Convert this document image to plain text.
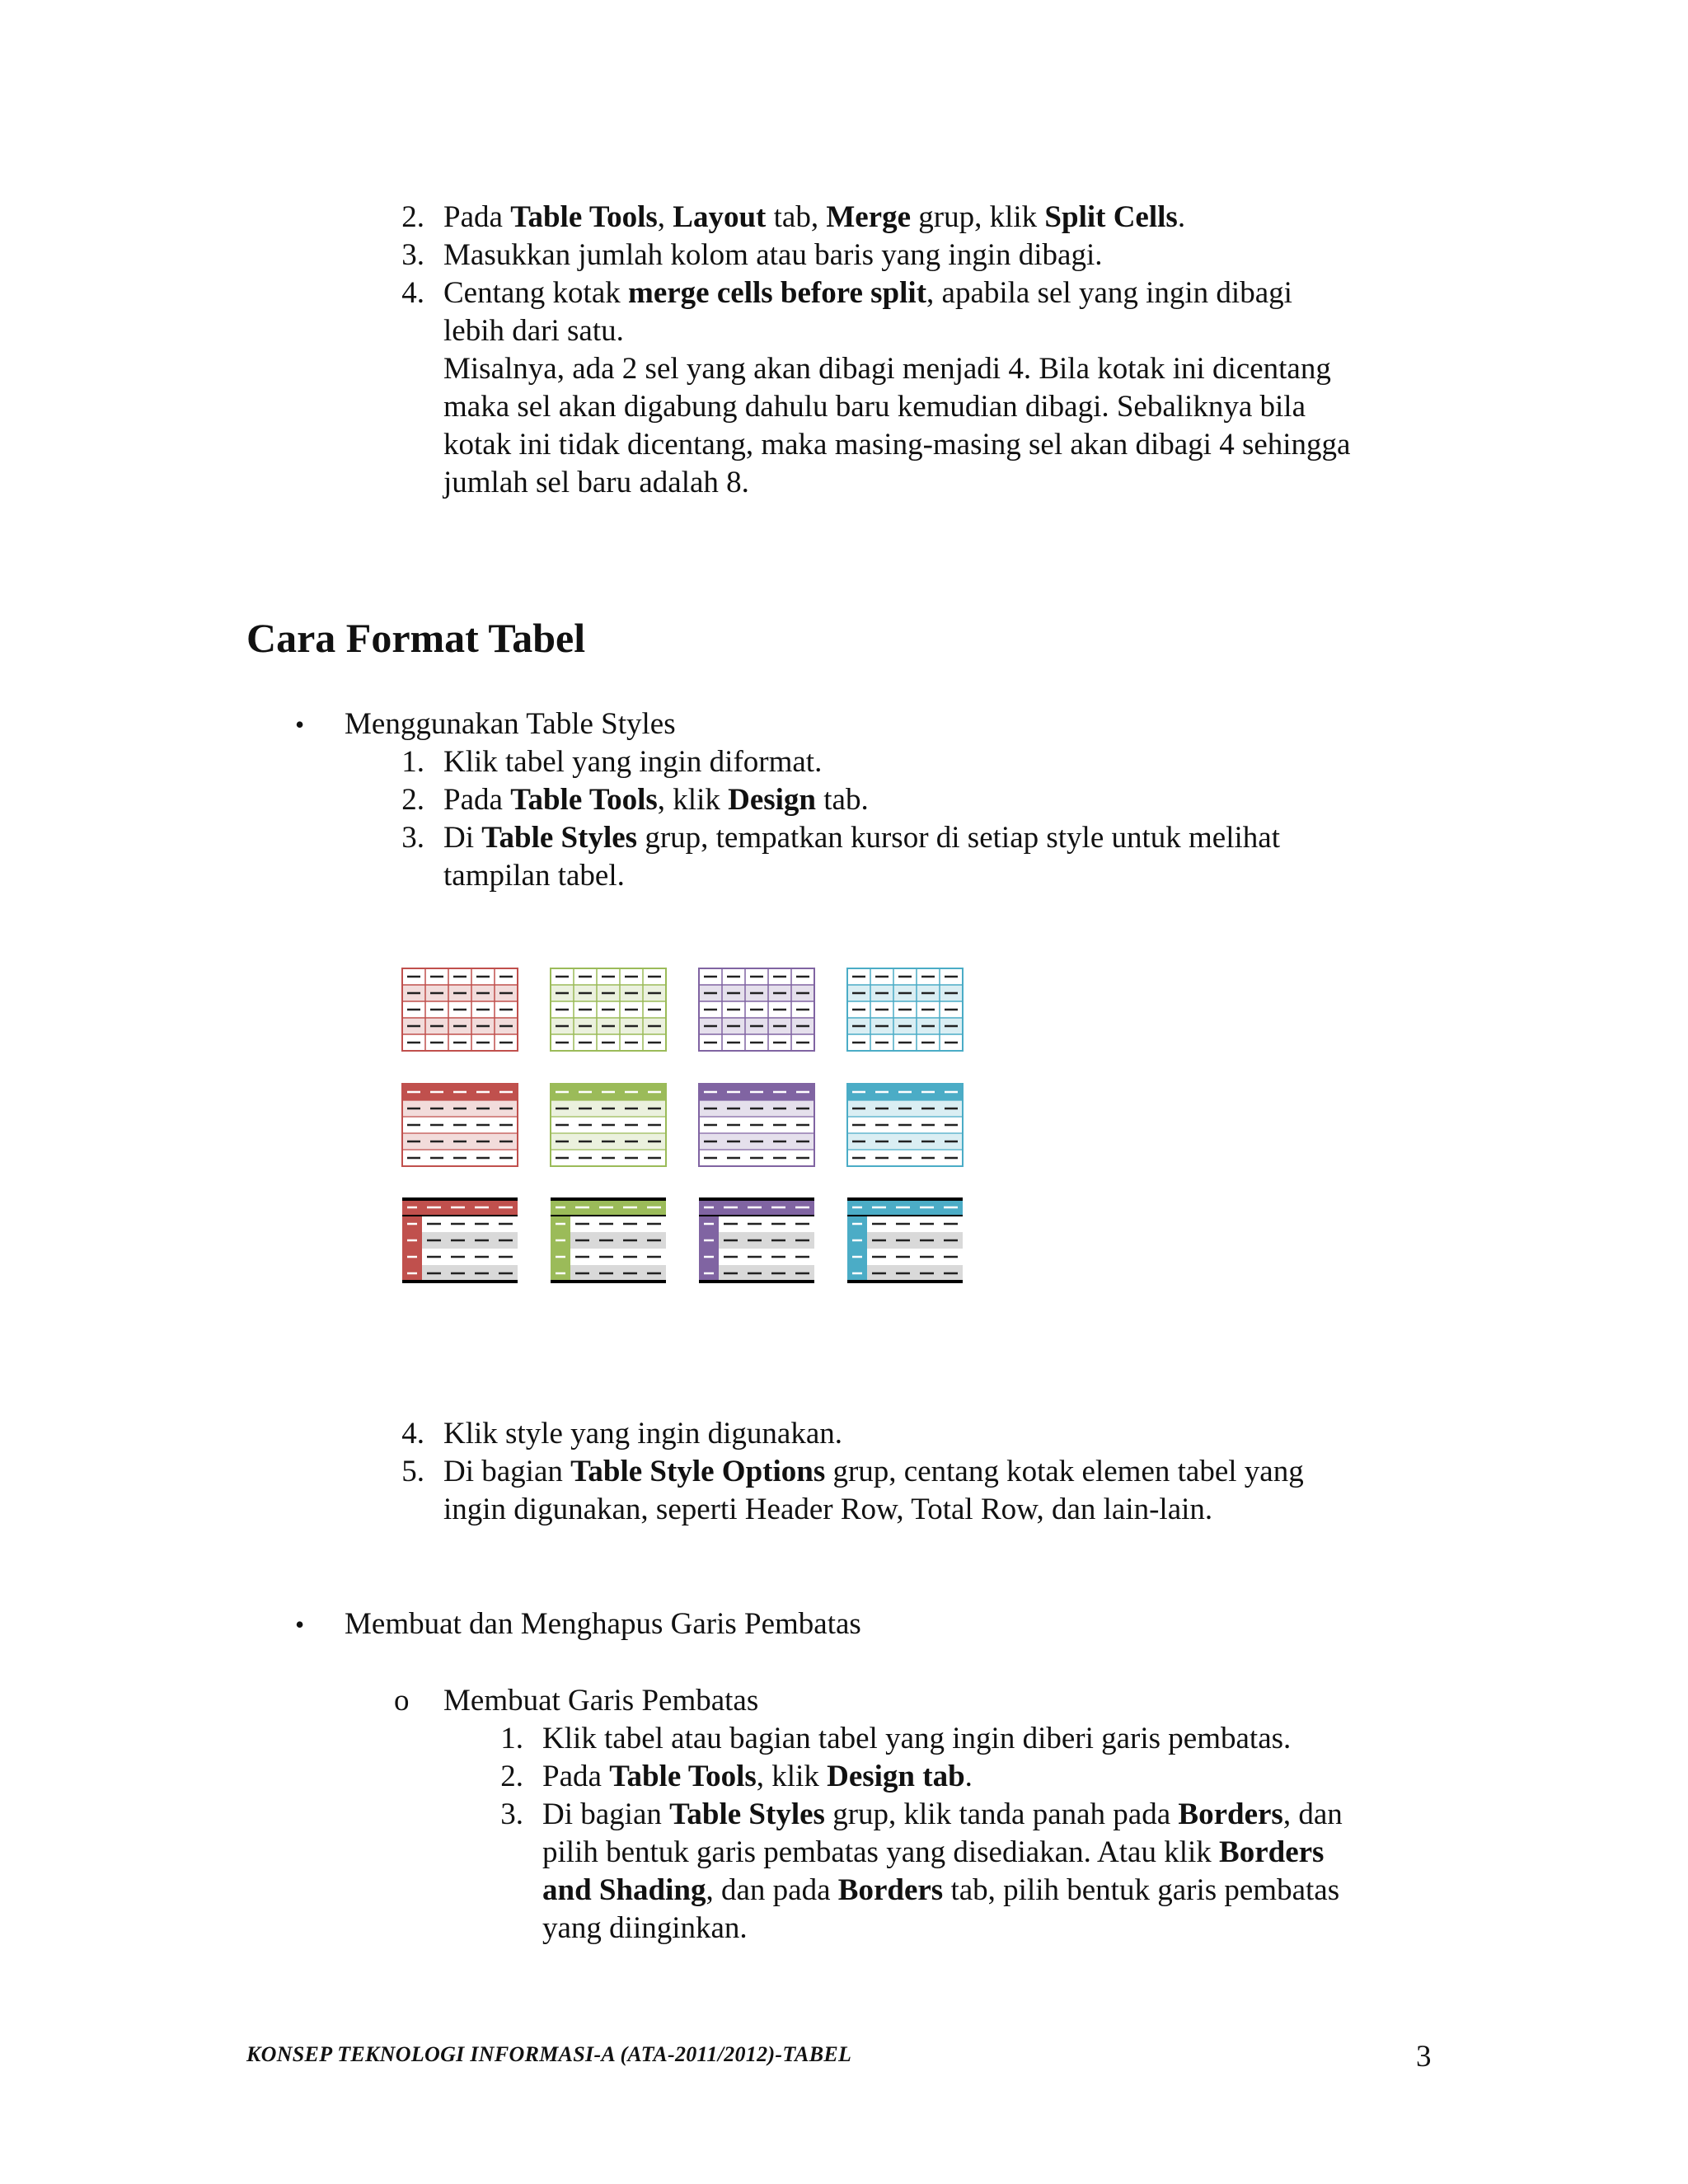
2. Pada Table Tools, Layout tab, Merge grup, klik Split Cells.
3. Masukkan jumlah kolom atau baris yang ingin dibagi.
4. Centang kotak merge cells before split, apabila sel yang ingin dibagi
lebih dari satu.
Misalnya, ada 2 sel yang akan dibagi menjadi 4. Bila kotak ini dicentang
maka sel akan digabung dahulu baru kemudian dibagi. Sebaliknya bila
kotak ini tidak dicentang, maka masing-masing sel akan dibagi 4 sehingga
jumlah sel baru adalah 8.
Cara Format Tabel
• Menggunakan Table Styles
1. Klik tabel yang ingin diformat.
2. Pada Table Tools, klik Design tab.
3. Di Table Styles grup, tempatkan kursor di setiap style untuk melihat
tampilan tabel.
4. Klik style yang ingin digunakan.
5. Di bagian Table Style Options grup, centang kotak elemen tabel yang
ingin digunakan, seperti Header Row, Total Row, dan lain-lain.
• Membuat dan Menghapus Garis Pembatas
o Membuat Garis Pembatas
1. Klik tabel atau bagian tabel yang ingin diberi garis pembatas.
2. Pada Table Tools, klik Design tab.
3. Di bagian Table Styles grup, klik tanda panah pada Borders, dan
pilih bentuk garis pembatas yang disediakan. Atau klik Borders
and Shading, dan pada Borders tab, pilih bentuk garis pembatas
yang diinginkan.
KONSEP TEKNOLOGI INFORMASI-A (ATA-2011/2012)-TABEL	3
